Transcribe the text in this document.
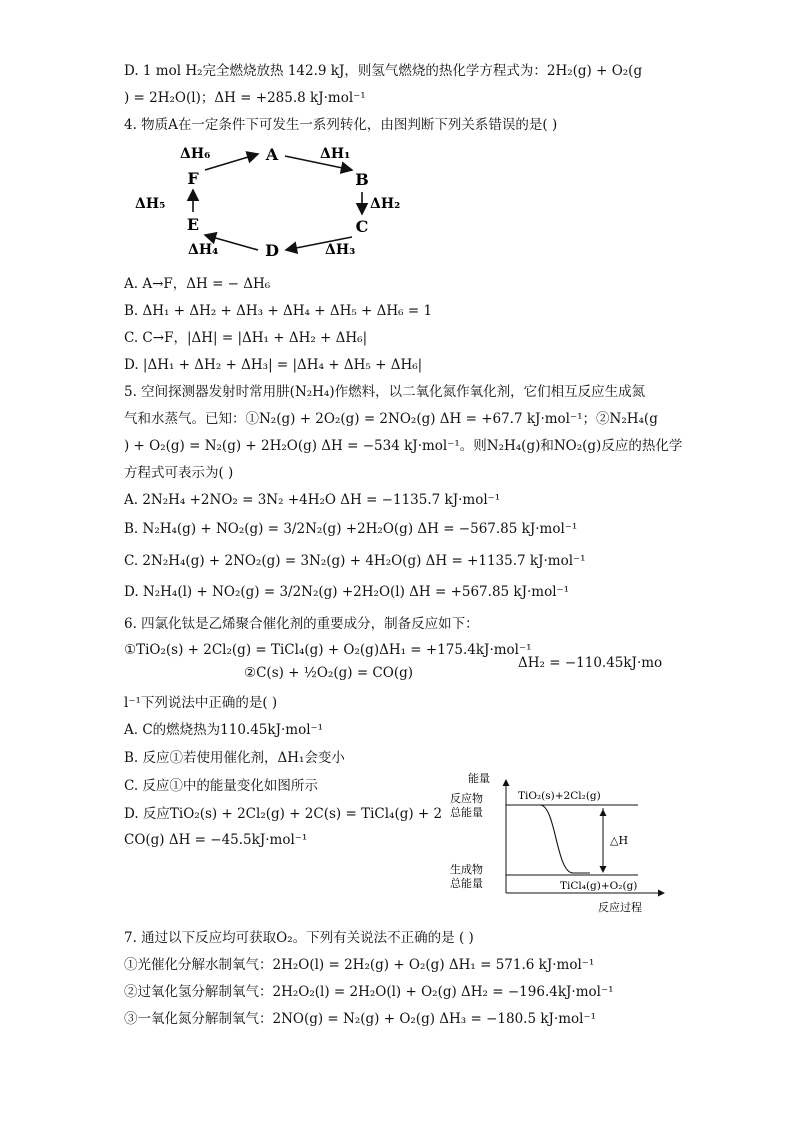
D. 1 mol H₂完全燃烧放热 142.9 kJ，则氢气燃烧的热化学方程式为：2H₂(g) + O₂(g
) = 2H₂O(l)；ΔH = +285.8 kJ·mol⁻¹
4. 物质A在一定条件下可发生一系列转化，由图判断下列关系错误的是( )
A
B
C
D
E
F
ΔH₁
ΔH₂
ΔH₃
ΔH₄
ΔH₅
ΔH₆
A. A→F，ΔH = − ΔH₆
B. ΔH₁ + ΔH₂ + ΔH₃ + ΔH₄ + ΔH₅ + ΔH₆ = 1
C. C→F，|ΔH| = |ΔH₁ + ΔH₂ + ΔH₆|
D. |ΔH₁ + ΔH₂ + ΔH₃| = |ΔH₄ + ΔH₅ + ΔH₆|
5. 空间探测器发射时常用肼(N₂H₄)作燃料，以二氧化氮作氧化剂，它们相互反应生成氮
气和水蒸气。已知：①N₂(g) + 2O₂(g) = 2NO₂(g) ΔH = +67.7 kJ·mol⁻¹；②N₂H₄(g
) + O₂(g) = N₂(g) + 2H₂O(g) ΔH = −534 kJ·mol⁻¹。则N₂H₄(g)和NO₂(g)反应的热化学
方程式可表示为( )
A. 2N₂H₄ +2NO₂ = 3N₂ +4H₂O ΔH = −1135.7 kJ·mol⁻¹
B. N₂H₄(g) + NO₂(g) = 3/2N₂(g) +2H₂O(g) ΔH = −567.85 kJ·mol⁻¹
C. 2N₂H₄(g) + 2NO₂(g) = 3N₂(g) + 4H₂O(g) ΔH = +1135.7 kJ·mol⁻¹
D. N₂H₄(l) + NO₂(g) = 3/2N₂(g) +2H₂O(l) ΔH = +567.85 kJ·mol⁻¹
6. 四氯化钛是乙烯聚合催化剂的重要成分，制备反应如下：
①TiO₂(s) + 2Cl₂(g) = TiCl₄(g) + O₂(g)ΔH₁ = +175.4kJ·mol⁻¹
②C(s) + ½O₂(g) = CO(g)
ΔH₂ = −110.45kJ·mo
l⁻¹下列说法中正确的是( )
A. C的燃烧热为110.45kJ·mol⁻¹
B. 反应①若使用催化剂，ΔH₁会变小
C. 反应①中的能量变化如图所示
D. 反应TiO₂(s) + 2Cl₂(g) + 2C(s) = TiCl₄(g) + 2
CO(g) ΔH = −45.5kJ·mol⁻¹
能量
反应物
总能量
生成物
总能量
TiO₂(s)+2Cl₂(g)
TiCl₄(g)+O₂(g)
△H
反应过程
7. 通过以下反应均可获取O₂。下列有关说法不正确的是 ( )
①光催化分解水制氧气：2H₂O(l) = 2H₂(g) + O₂(g) ΔH₁ = 571.6 kJ·mol⁻¹
②过氧化氢分解制氧气：2H₂O₂(l) = 2H₂O(l) + O₂(g) ΔH₂ = −196.4kJ·mol⁻¹
③一氧化氮分解制氧气：2NO(g) = N₂(g) + O₂(g) ΔH₃ = −180.5 kJ·mol⁻¹
